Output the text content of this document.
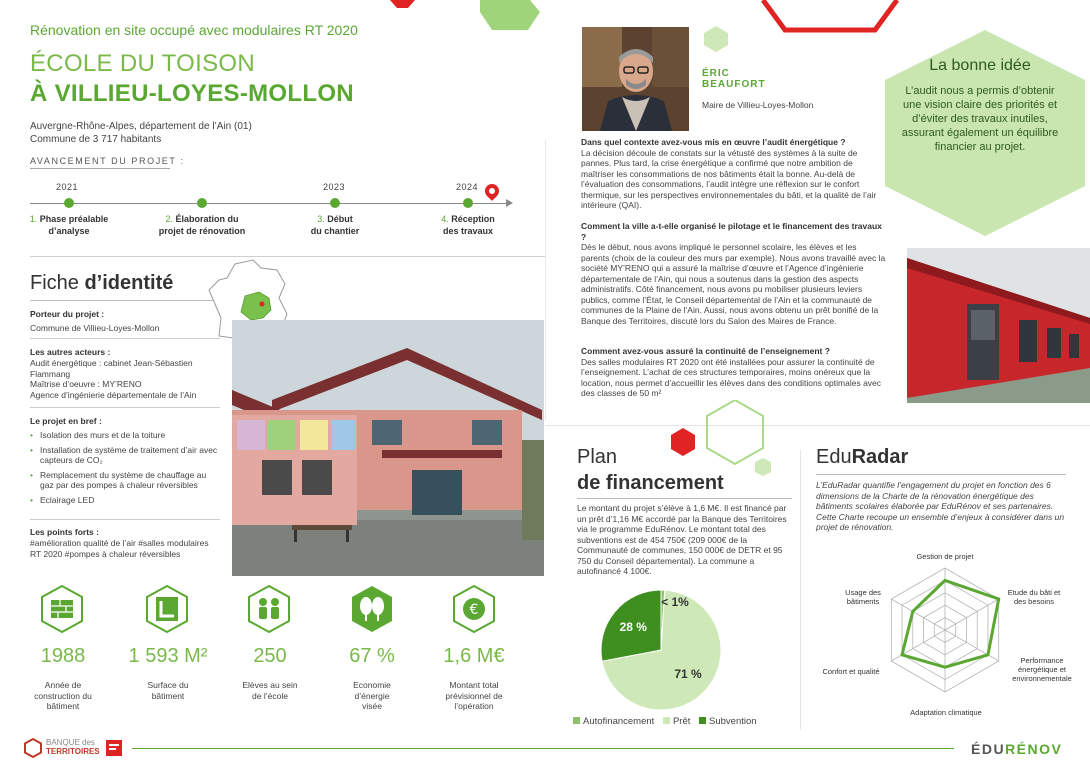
Rénovation en site occupé avec modulaires RT 2020
ÉCOLE DU TOISON
À VILLIEU-LOYES-MOLLON
Auvergne-Rhône-Alpes, département de l’Ain (01)
Commune de 3 717 habitants
AVANCEMENT DU PROJET :
2021	2023	2024
1. Phase préalable
d’analyse
2. Élaboration du
projet de rénovation
3. Début
du chantier
4. Réception
des travaux
Fiche d’identité
Porteur du projet :
Commune de Villieu-Loyes-Mollon
Les autres acteurs :
Audit énergétique : cabinet Jean-Sébastien Flammang
Maîtrise d’oeuvre : MY’RENO
Agence d’ingénierie départementale de l’Ain
Le projet en bref :
• Isolation des murs et de la toiture
• Installation de système de traitement d’air avec capteurs de CO₂
• Remplacement du système de chauffage au gaz par des pompes à chaleur réversibles
• Eclairage LED
Les points forts :
#amélioration qualité de l’air #salles modulaires RT 2020 #pompes à chaleur réversibles
€
1988	1 593 M²	250	67 %	1,6 M€
Année de construction du bâtiment
Surface du bâtiment
Elèves au sein de l’école
Economie d’énergie visée
Montant total prévisionnel de l’opération
ÉRIC
BEAUFORT
Maire de Villieu-Loyes-Mollon
Dans quel contexte avez-vous mis en œuvre l’audit énergétique ?
La décision découle de constats sur la vétusté des systèmes à la suite de pannes. Plus tard, la crise énergétique a confirmé que notre ambition de maîtriser les consommations de nos bâtiments était la bonne. Au-delà de l’évaluation des consommations, l’audit intègre une réflexion sur le confort thermique, sur les perspectives environnementales du bâti, et la qualité de l’air intérieure (QAI).
Comment la ville a-t-elle organisé le pilotage et le financement des travaux ?
Dès le début, nous avons impliqué le personnel scolaire, les élèves et les parents (choix de la couleur des murs par exemple). Nous avons travaillé avec la société MY’RENO qui a assuré la maîtrise d’œuvre et l’Agence d’ingénierie départementale de l’Ain, qui nous a soutenus dans la gestion des aspects administratifs. Côté financement, nous avons pu mobiliser plusieurs leviers publics, comme l’État, le Conseil départemental de l’Ain et la communauté de communes de la Plaine de l’Ain. Aussi, nous avons obtenu un prêt bonifié de la Banque des Territoires, discuté lors du Salon des Maires de France.
Comment avez-vous assuré la continuité de l’enseignement ?
Des salles modulaires RT 2020 ont été installées pour assurer la continuité de l’enseignement. L’achat de ces structures temporaires, moins onéreux que la location, nous permet d’accueillir les élèves dans des conditions optimales avec des classes de 50 m²
La bonne idée
L’audit nous a permis d’obtenir une vision claire des priorités et d’éviter des travaux inutiles, assurant également un équilibre financier au projet.
Plan
de financement
Le montant du projet s’élève à 1,6 M€. Il est financé par un prêt d’1,16 M€ accordé par la Banque des Territoires via le programme EduRénov. Le montant total des subventions est de 454 750€ (209 000€ de la Communauté de communes, 150 000€ de DETR et 95 750 du Conseil départemental). La commune a autofinancé 4 100€.
< 1%
71 %
28 %
Autofinancement Prêt Subvention
EduRadar
L’EduRadar quantifie l’engagement du projet en fonction des 6 dimensions de la Charte de la rénovation énergétique des bâtiments scolaires élaborée par EduRénov et ses partenaires. Cette Charte recoupe un ensemble d’enjeux à considérer dans un projet de rénovation.
Gestion de projet
Etude du bâti et des besoins
Performance énergétique et environnementale
Adaptation climatique
Confort et qualité
Usage des bâtiments
BANQUE des
TERRITOIRES	ÉDURÉNOV
